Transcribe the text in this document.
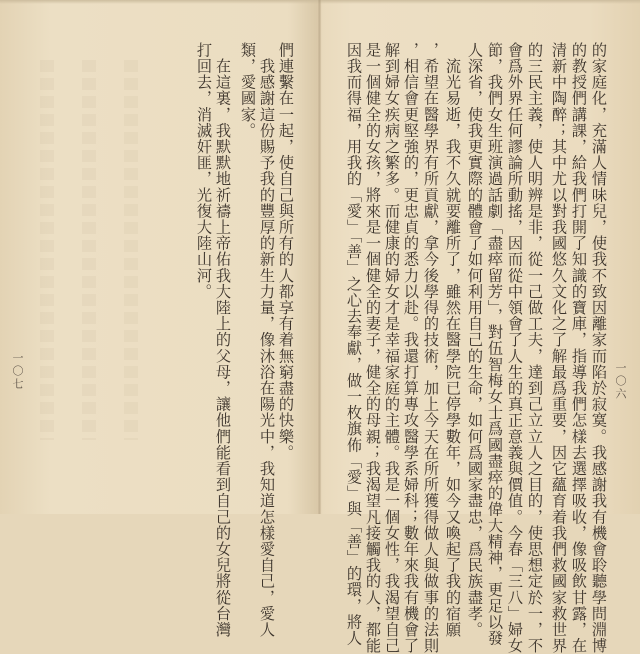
們連繫在一起，使自己與所有的人都享有着無窮盡的快樂。
　我感謝這份賜予我的豐厚的新生力量，像沐浴在陽光中，我知道怎樣愛自己，愛人
類，愛國家。
　在這裏，我默默地祈禱上帝佑我大陸上的父母，讓他們能看到自己的女兒將從台灣
打回去，消滅奸匪，光復大陸山河。
一〇七	的家庭化，充滿人情味兒，使我不致因離家而陷於寂寞。我感謝我有機會聆聽學問淵博
的教授們講課，給我們打開了知識的寶庫，指導我們怎樣去選擇吸收，像吸飲甘露，在
清新中陶醉；其中尤以對我國悠久文化之了解最爲重要，因它蘊育着我們救國家救世界
的三民主義，使人明辨是非，從一己做工夫，達到己立立人之目的，使思想定於一，不
會爲外界任何謬論所動搖，因而從中領會了人生的真正意義與價值。今春「三八」婦女
節，我們女生班演過話劇「盡瘁留芳」，對伍智梅女士爲國盡瘁的偉大精神，更足以發
人深省，使我更實際的體會了如何利用自己的生命，如何爲國家盡忠，爲民族盡孝。
　流光易逝，我不久就要離所了，雖然在醫學院已停學數年，如今又喚起了我的宿願
，希望在醫學界有所貢獻，拿今後學得的技術，加上今天在所所獲得做人與做事的法則
，相信會更堅強的，更忠貞的悉力以赴。我還打算專攻醫學系婦科；數年來我有機會了
解到婦女疾病之繁多。而健康的婦女才是幸福家庭的主體。我是一個女性，我渴望自己
是一個健全的女孩，將來是一個健全的妻子，健全的母親；我渴望凡接觸我的人，都能
因我而得福，用我的「愛」「善」之心去奉獻，做一枚旗佈「愛」與「善」的環，將人	一〇六
